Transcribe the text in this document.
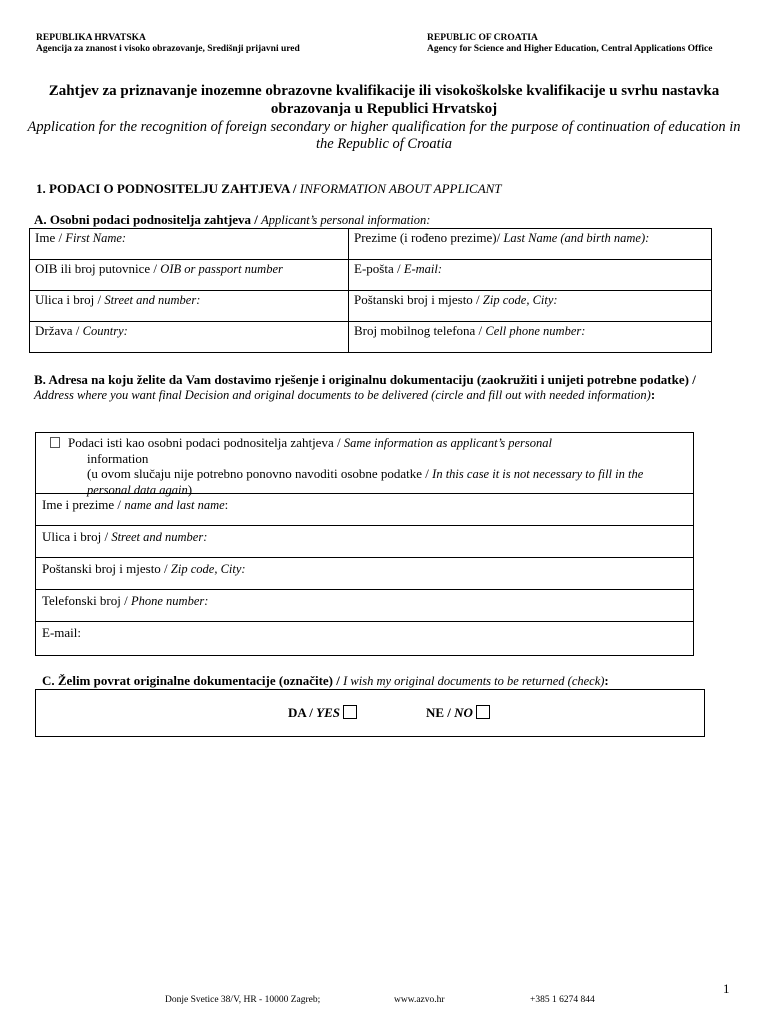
REPUBLIKA HRVATSKA
Agencija za znanost i visoko obrazovanje, Središnji prijavni ured
REPUBLIC OF CROATIA
Agency for Science and Higher Education, Central Applications Office
Zahtjev za priznavanje inozemne obrazovne kvalifikacije ili visokoškolske kvalifikacije u svrhu nastavka obrazovanja u Republici Hrvatskoj
Application for the recognition of foreign secondary or higher qualification for the purpose of continuation of education in the Republic of Croatia
1. PODACI O PODNOSITELJU ZAHTJEVA / INFORMATION ABOUT APPLICANT
A. Osobni podaci podnositelja zahtjeva / Applicant’s personal information:
Ime / First Name:	Prezime (i rođeno prezime)/ Last Name (and birth name):
OIB ili broj putovnice / OIB or passport number	E-pošta / E-mail:
Ulica i broj / Street and number:	Poštanski broj i mjesto / Zip code, City:
Država / Country:	Broj mobilnog telefona / Cell phone number:
B. Adresa na koju želite da Vam dostavimo rješenje i originalnu dokumentaciju (zaokružiti i unijeti potrebne podatke) / Address where you want final Decision and original documents to be delivered (circle and fill out with needed information):
Podaci isti kao osobni podaci podnositelja zahtjeva / Same information as applicant’s personal
information
(u ovom slučaju nije potrebno ponovno navoditi osobne podatke / In this case it is not necessary to fill in the personal data again)
Ime i prezime / name and last name:
Ulica i broj / Street and number:
Poštanski broj i mjesto / Zip code, City:
Telefonski broj / Phone number:
E-mail:
C. Želim povrat originalne dokumentacije (označite) / I wish my original documents to be returned (check):
DA / YES	NE / NO
1
Donje Svetice 38/V, HR - 10000 Zagreb;	www.azvo.hr	+385 1 6274 844
